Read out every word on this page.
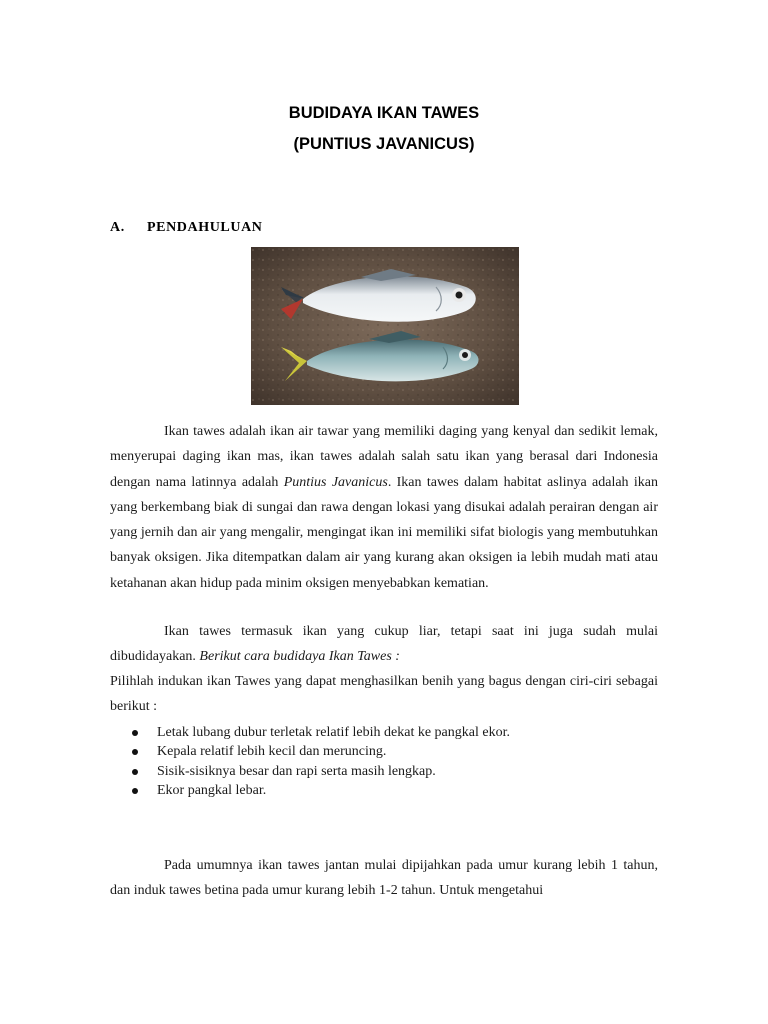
BUDIDAYA IKAN TAWES
(PUNTIUS JAVANICUS)
A. PENDAHULUAN

Ikan tawes adalah ikan air tawar yang memiliki daging yang kenyal dan sedikit lemak, menyerupai daging ikan mas, ikan tawes adalah salah satu ikan yang berasal dari Indonesia dengan nama latinnya adalah Puntius Javanicus. Ikan tawes dalam habitat aslinya adalah ikan yang berkembang biak di sungai dan rawa dengan lokasi yang disukai adalah perairan dengan air yang jernih dan air yang mengalir, mengingat ikan ini memiliki sifat biologis yang membutuhkan banyak oksigen. Jika ditempatkan dalam air yang kurang akan oksigen ia lebih mudah mati atau ketahanan akan hidup pada minim oksigen menyebabkan kematian.

Ikan tawes termasuk ikan yang cukup liar, tetapi saat ini juga sudah mulai dibudidayakan. Berikut cara budidaya Ikan Tawes :

Pilihlah indukan ikan Tawes yang dapat menghasilkan benih yang bagus dengan ciri-ciri sebagai berikut :

Letak lubang dubur terletak relatif lebih dekat ke pangkal ekor.
Kepala relatif lebih kecil dan meruncing.
Sisik-sisiknya besar dan rapi serta masih lengkap.
Ekor pangkal lebar.

Pada umumnya ikan tawes jantan mulai dipijahkan pada umur kurang lebih 1 tahun, dan induk tawes betina pada umur kurang lebih 1-2 tahun. Untuk mengetahui
